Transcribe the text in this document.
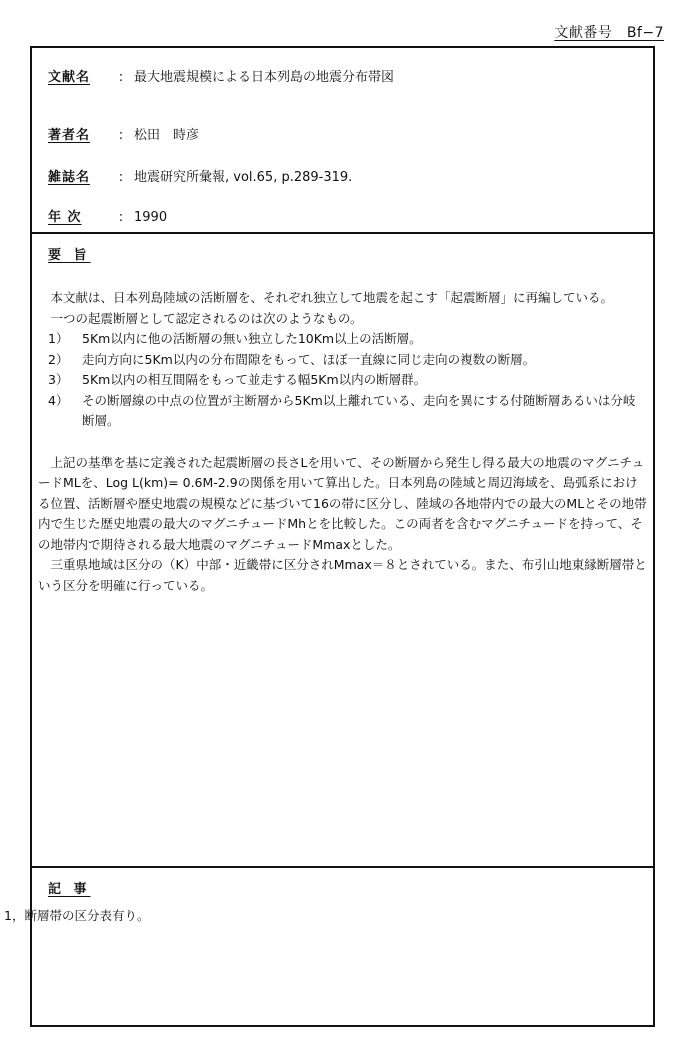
文献番号　Bf−7
文献名 : 最大地震規模による日本列島の地震分布帯図
著者名 : 松田　時彦
雑誌名 : 地震研究所彙報, vol.65, p.289-319.
年 次	: 1990
要 旨

本文献は、日本列島陸域の活断層を、それぞれ独立して地震を起こす「起震断層」に再編している。

一つの起震断層として認定されるのは次のようなもの。

1）	5Km以内に他の活断層の無い独立した10Km以上の活断層。
2）	走向方向に5Km以内の分布間隙をもって、ほぼ一直線に同じ走向の複数の断層。
3）	5Km以内の相互間隔をもって並走する幅5Km以内の断層群。
4）	その断層線の中点の位置が主断層から5Km以上離れている、走向を異にする付随断層あるいは分岐断層。

上記の基準を基に定義された起震断層の長さLを用いて、その断層から発生し得る最大の地震のマグニチュードMLを、Log L(km)= 0.6M-2.9の関係を用いて算出した。日本列島の陸域と周辺海域を、島弧系における位置、活断層や歴史地震の規模などに基づいて16の帯に区分し、陸域の各地帯内での最大のMLとその地帯内で生じた歴史地震の最大のマグニチュードMhとを比較した。この両者を含むマグニチュードを持って、その地帯内で期待される最大地震のマグニチュードMmaxとした。

三重県地域は区分の（K）中部・近畿帯に区分されMmax＝８とされている。また、布引山地東縁断層帯という区分を明確に行っている。

記 事
1，断層帯の区分表有り。
